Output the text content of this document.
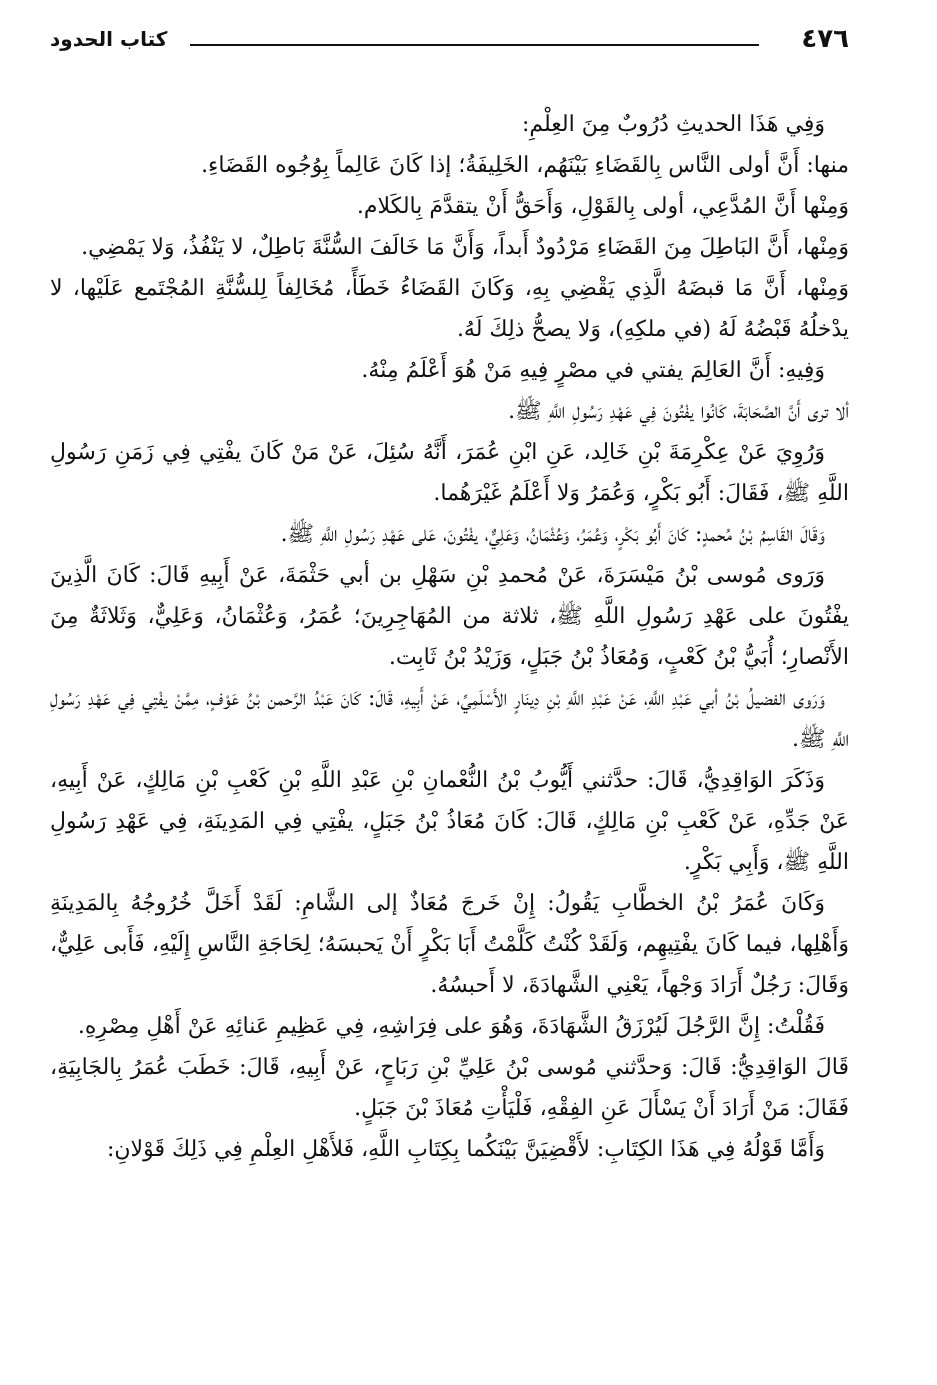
٤٧٦
كتاب الحدود

وَفِي هَذَا الحديثِ دُرُوبٌ مِنَ العِلْمِ:

منها: أَنَّ أولى النَّاس بِالقَضَاءِ بَيْنَهُم، الخَلِيفَةُ؛ إذا كَانَ عَالِماً بِوُجُوه القَضَاءِ.

وَمِنْها أَنَّ المُدَّعِي، أولى بِالقَوْلِ، وَأَحَقُّ أَنْ يتقدَّمَ بِالكَلام.

وَمِنْها، أَنَّ البَاطِلَ مِنَ القَضَاءِ مَرْدُودٌ أَبداً، وَأَنَّ مَا خَالَفَ السُّنَّةَ بَاطِلٌ، لا يَنْفُذُ، وَلا يَمْضِي.

وَمِنْها، أَنَّ مَا قبضَهُ الَّذِي يَقْضِي بِهِ، وَكَانَ القَضَاءُ خَطَأً، مُخَالِفاً لِلسُّنَّةِ المُجْتَمع عَلَيْها، لا يدْخلُهُ قَبْضُهُ لَهُ (في ملكِهِ)، وَلا يصحُّ ذلِكَ لَهُ.

وَفِيهِ: أَنَّ العَالِمَ يفتي في مصْرٍ فِيهِ مَنْ هُوَ أَعْلَمُ مِنْهُ.

ألا ترى أَنَّ الصَّحَابَةَ، كَانُوا يفْتُونَ فِي عَهْدِ رَسُولِ اللَّهِ ﷺ.

وَرُوِيَ عَنْ عِكْرِمَةَ بْنِ خَالِد، عَنِ ابْنِ عُمَرَ، أَنَّهُ سُئِلَ، عَنْ مَنْ كَانَ يفْتِي فِي زَمَنِ رَسُولِ اللَّهِ ﷺ، فَقَالَ: أَبُو بَكْرٍ، وَعُمَرُ وَلا أَعْلَمُ غَيْرَهُما.

وَقَالَ القَاسِمُ بْنُ مُحمدٍ: كَانَ أَبُو بَكْرٍ، وَعُمَرُ، وَعُثْمَانُ، وَعَلِيٌّ، يفْتُونَ، عَلى عَهْدِ رَسُولِ اللَّهِ ﷺ.

وَرَوى مُوسى بْنُ مَيْسَرَةَ، عَنْ مُحمدِ بْنِ سَهْلِ بن أبي حَثْمَةَ، عَنْ أَبِيهِ قَالَ: كَانَ الَّذِينَ يفْتُونَ على عَهْدِ رَسُولِ اللَّهِ ﷺ، ثلاثة من المُهَاجِرِينَ؛ عُمَرُ، وَعُثْمَانُ، وَعَلِيٌّ، وَثَلاثَةٌ مِنَ الأَنْصارِ؛ أُبَيُّ بْنُ كَعْبٍ، وَمُعَاذُ بْنُ جَبَلٍ، وَزَيْدُ بْنُ ثَابِت.

وَرَوى الفضيلُ بْنُ أبي عَبْدِ اللَّهِ، عَنْ عَبْدِ اللَّهِ بْنِ دِينَارٍ الأَسْلَمِيِّ، عَنْ أَبِيهِ، قَالَ: كَانَ عَبْدُ الرَّحمن بْنُ عَوْفٍ، مِمَّنْ يفْتِي فِي عَهْدِ رَسُولِ اللَّهِ ﷺ.

وَذَكَرَ الوَاقِدِيُّ، قَالَ: حدَّثني أَيُّوبُ بْنُ النُّعْمانِ بْنِ عَبْدِ اللَّهِ بْنِ كَعْبِ بْنِ مَالِكٍ، عَنْ أَبِيهِ، عَنْ جَدِّهِ، عَنْ كَعْبِ بْنِ مَالِكٍ، قَالَ: كَانَ مُعَاذُ بْنُ جَبَلٍ، يفْتِي فِي المَدِينَةِ، فِي عَهْدِ رَسُولِ اللَّهِ ﷺ، وَأَبِي بَكْرٍ.

وَكَانَ عُمَرُ بْنُ الخطَّابِ يَقُولُ: إِنْ خَرجَ مُعَاذٌ إلى الشَّامِ: لَقَدْ أَخَلَّ خُرُوجُهُ بِالمَدِينَةِ وَأَهْلِها، فيما كَانَ يفْتِيهِم، وَلَقَدْ كُنْتُ كَلَّمْتُ أَبَا بَكْرٍ أَنْ يَحبسَهُ؛ لِحَاجَةِ النَّاسِ إِلَيْهِ، فَأَبى عَلِيٌّ، وَقَالَ: رَجُلٌ أَرَادَ وَجْهاً، يَعْنِي الشَّهادَةَ، لا أَحبسُهُ.

فَقُلْتُ: إِنَّ الرَّجُلَ لَيُرْزَقُ الشَّهَادَةَ، وَهُوَ على فِرَاشِهِ، فِي عَظِيمِ عَنائِهِ عَنْ أَهْلِ مِصْرِهِ.

قَالَ الوَاقِدِيُّ: قَالَ: وَحدَّثني مُوسى بْنُ عَلِيِّ بْنِ رَبَاحٍ، عَنْ أَبِيهِ، قَالَ: خَطَبَ عُمَرُ بِالجَابِيَةِ، فَقَالَ: مَنْ أَرَادَ أَنْ يَسْأَلَ عَنِ الفِقْهِ، فَلْيَأْتِ مُعَاذَ بْنَ جَبَلٍ.

وَأَمَّا قَوْلُهُ فِي هَذَا الكِتَابِ: لأَقْضِيَنَّ بَيْنَكُما بِكِتَابِ اللَّهِ، فَلأَهْلِ العِلْمِ فِي ذَلِكَ قَوْلانِ:
